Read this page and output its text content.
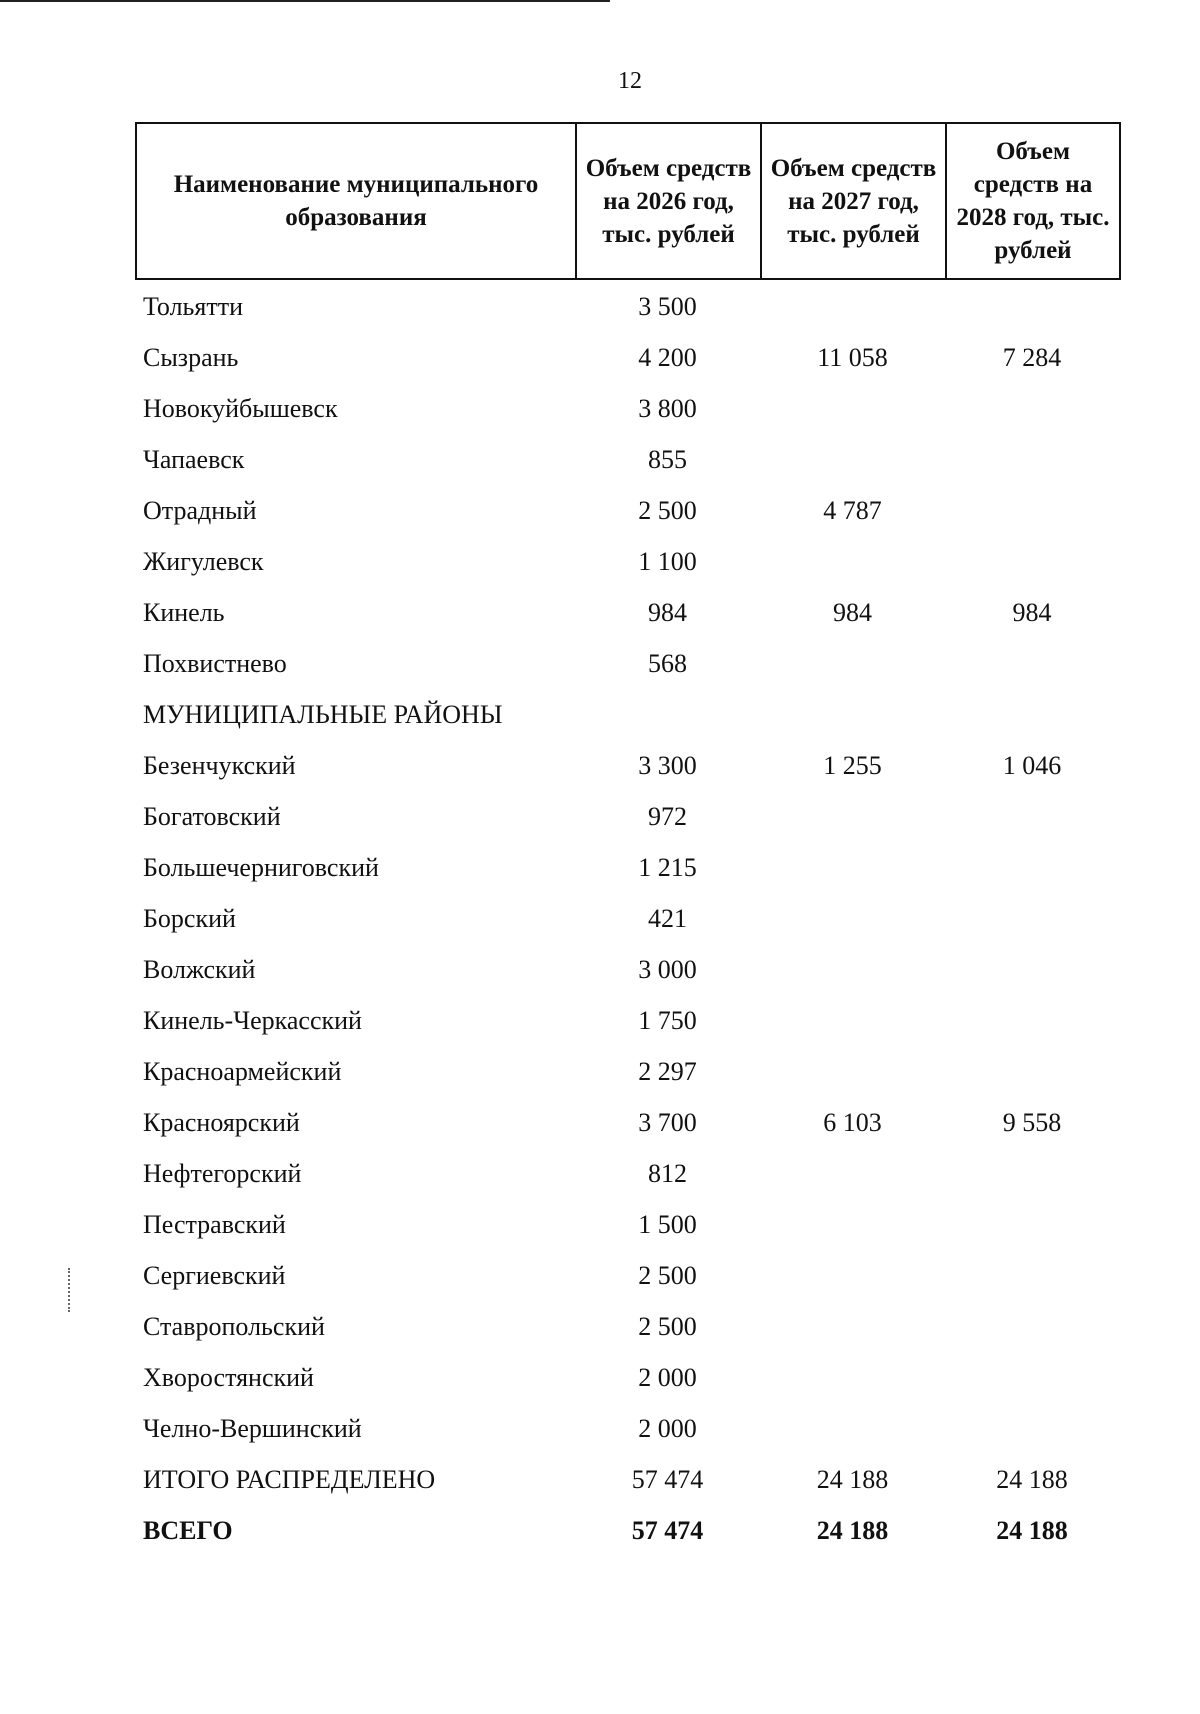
12
Наименование муниципального образования	Объем средств на 2026 год, тыс. рублей	Объем средств на 2027 год, тыс. рублей	Объем средств на 2028 год, тыс. рублей
Тольятти	3 500		
Сызрань	4 200	11 058	7 284
Новокуйбышевск	3 800		
Чапаевск	855		
Отрадный	2 500	4 787	
Жигулевск	1 100		
Кинель	984	984	984
Похвистнево	568		
МУНИЦИПАЛЬНЫЕ РАЙОНЫ			
Безенчукский	3 300	1 255	1 046
Богатовский	972		
Большечерниговский	1 215		
Борский	421		
Волжский	3 000		
Кинель-Черкасский	1 750		
Красноармейский	2 297		
Красноярский	3 700	6 103	9 558
Нефтегорский	812		
Пестравский	1 500		
Сергиевский	2 500		
Ставропольский	2 500		
Хворостянский	2 000		
Челно-Вершинский	2 000		
ИТОГО РАСПРЕДЕЛЕНО	57 474	24 188	24 188
ВСЕГО	57 474	24 188	24 188
